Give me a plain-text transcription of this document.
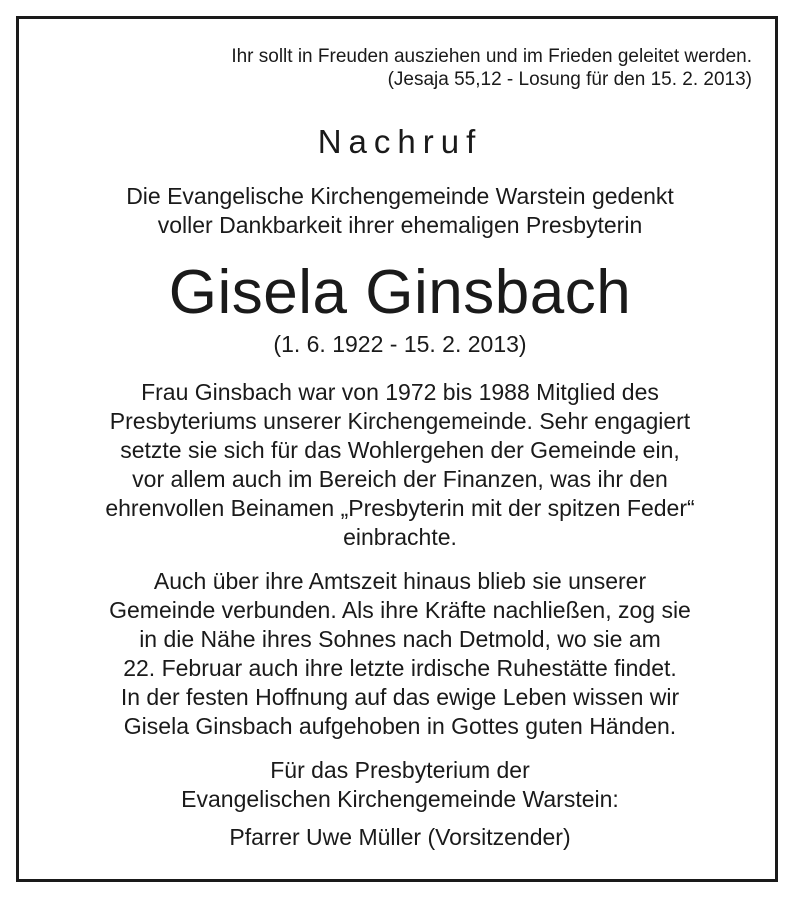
Ihr sollt in Freuden ausziehen und im Frieden geleitet werden.
(Jesaja 55,12 - Losung für den 15. 2. 2013)
Nachruf
Die Evangelische Kirchengemeinde Warstein gedenkt
voller Dankbarkeit ihrer ehemaligen Presbyterin
Gisela Ginsbach
(1. 6. 1922 - 15. 2. 2013)
Frau Ginsbach war von 1972 bis 1988 Mitglied des
Presbyteriums unserer Kirchengemeinde. Sehr engagiert
setzte sie sich für das Wohlergehen der Gemeinde ein,
vor allem auch im Bereich der Finanzen, was ihr den
ehrenvollen Beinamen „Presbyterin mit der spitzen Feder“
einbrachte.
Auch über ihre Amtszeit hinaus blieb sie unserer
Gemeinde verbunden. Als ihre Kräfte nachließen, zog sie
in die Nähe ihres Sohnes nach Detmold, wo sie am
22. Februar auch ihre letzte irdische Ruhestätte findet.
In der festen Hoffnung auf das ewige Leben wissen wir
Gisela Ginsbach aufgehoben in Gottes guten Händen.
Für das Presbyterium der
Evangelischen Kirchengemeinde Warstein:
Pfarrer Uwe Müller (Vorsitzender)
